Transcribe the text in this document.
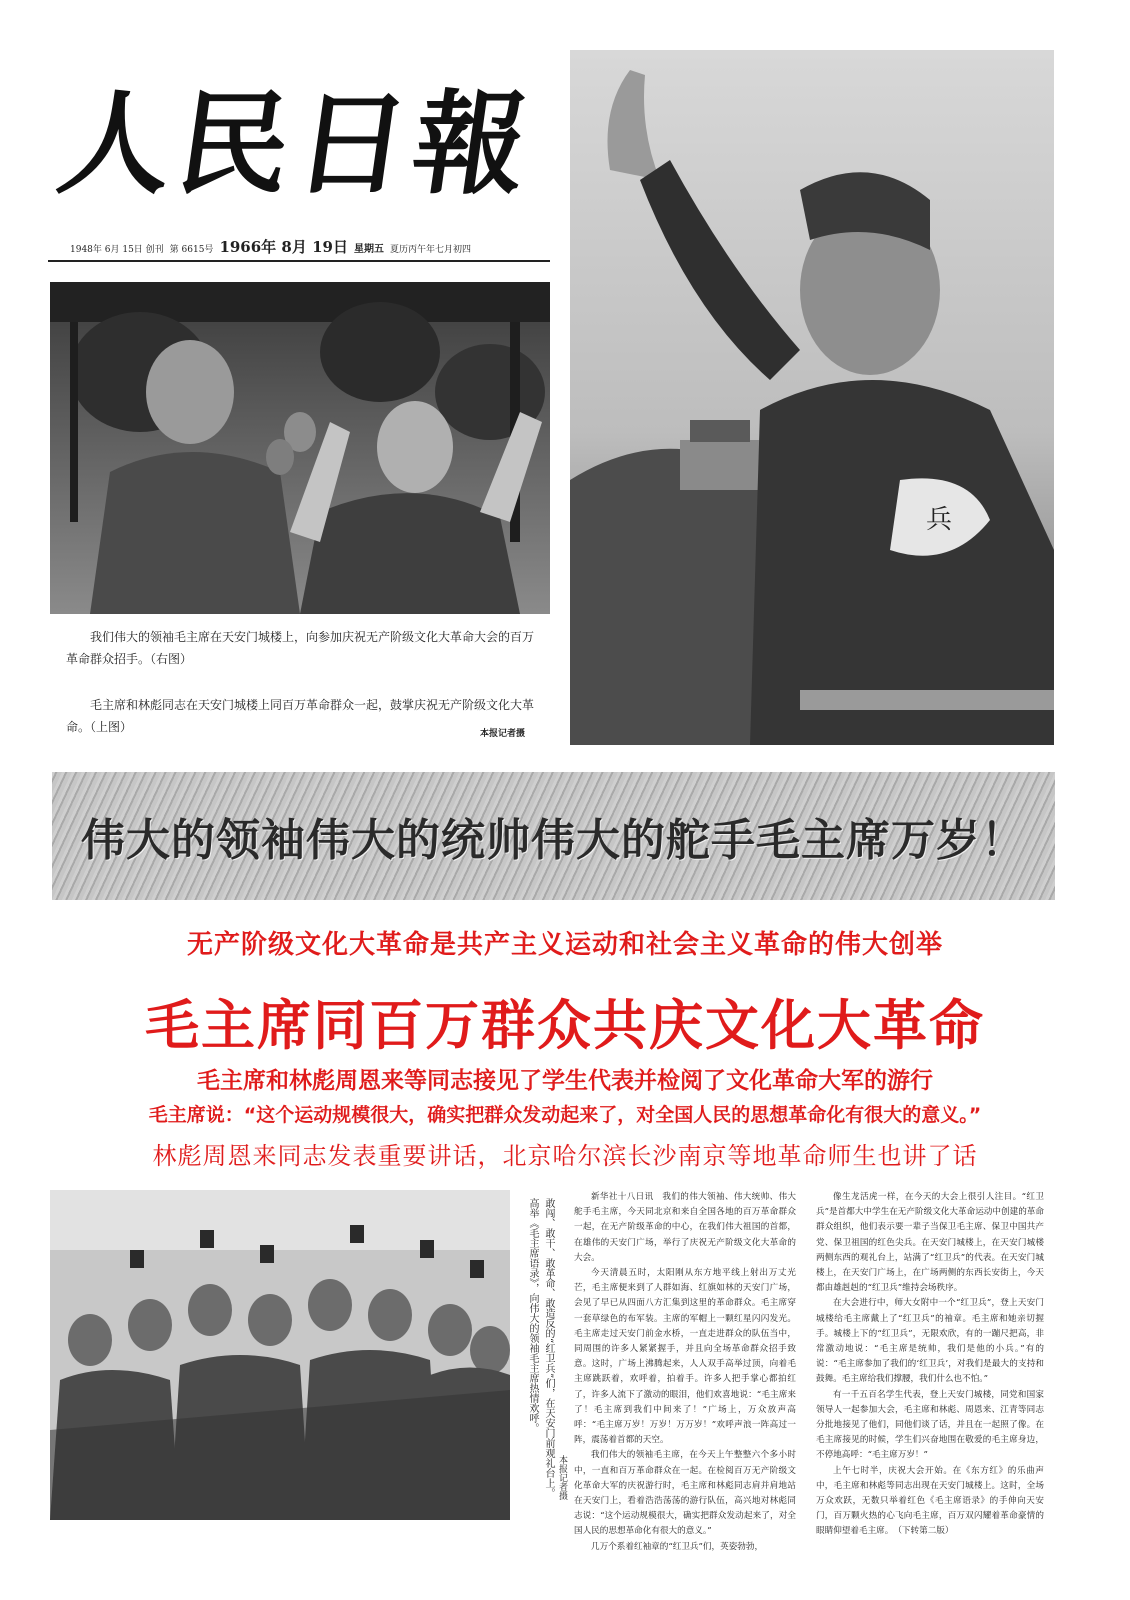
人民日報
1948年 6月 15日 创刊 第 6615号 1966年 8月 19日 星期五 夏历丙午年七月初四
我们伟大的领袖毛主席在天安门城楼上，向参加庆祝无产阶级文化大革命大会的百万革命群众招手。（右图）
毛主席和林彪同志在天安门城楼上同百万革命群众一起，鼓掌庆祝无产阶级文化大革命。（上图）	本报记者摄
兵
伟大的领袖伟大的统帅伟大的舵手毛主席万岁！
无产阶级文化大革命是共产主义运动和社会主义革命的伟大创举
毛主席同百万群众共庆文化大革命
毛主席和林彪周恩来等同志接见了学生代表并检阅了文化革命大军的游行
毛主席说：“这个运动规模很大，确实把群众发动起来了，对全国人民的思想革命化有很大的意义。”
林彪周恩来同志发表重要讲话，北京哈尔滨长沙南京等地革命师生也讲了话
高举《毛主席语录》，向伟大的领袖毛主席热情欢呼。 敢闯、敢干、敢革命、敢造反的“红卫兵”们，在天安门前观礼台上。 本报记者摄

新华社十八日讯　我们的伟大领袖、伟大统帅、伟大舵手毛主席，今天同北京和来自全国各地的百万革命群众一起，在无产阶级革命的中心，在我们伟大祖国的首都，在雄伟的天安门广场，举行了庆祝无产阶级文化大革命的大会。

今天清晨五时，太阳刚从东方地平线上射出万丈光芒，毛主席便来到了人群如海、红旗如林的天安门广场，会见了早已从四面八方汇集到这里的革命群众。毛主席穿一套草绿色的布军装。主席的军帽上一颗红星闪闪发光。毛主席走过天安门前金水桥，一直走进群众的队伍当中，同周围的许多人紧紧握手，并且向全场革命群众招手致意。这时，广场上沸腾起来，人人双手高举过顶，向着毛主席跳跃着，欢呼着，拍着手。许多人把手掌心都拍红了，许多人流下了激动的眼泪，他们欢喜地说：“毛主席来了！毛主席到我们中间来了！”广场上，万众放声高呼：“毛主席万岁！万岁！万万岁！”欢呼声浪一阵高过一阵，震荡着首都的天空。

我们伟大的领袖毛主席，在今天上午整整六个多小时中，一直和百万革命群众在一起。在检阅百万无产阶级文化革命大军的庆祝游行时，毛主席和林彪同志肩并肩地站在天安门上，看着浩浩荡荡的游行队伍，高兴地对林彪同志说：“这个运动规模很大，确实把群众发动起来了，对全国人民的思想革命化有很大的意义。”

几万个系着红袖章的“红卫兵”们，英姿勃勃，

像生龙活虎一样，在今天的大会上很引人注目。“红卫兵”是首都大中学生在无产阶级文化大革命运动中创建的革命群众组织，他们表示要一辈子当保卫毛主席、保卫中国共产党、保卫祖国的红色尖兵。在天安门城楼上，在天安门城楼两侧东西的观礼台上，站满了“红卫兵”的代表。在天安门城楼上，在天安门广场上，在广场两侧的东西长安街上，今天都由雄赳赳的“红卫兵”维持会场秩序。

在大会进行中，师大女附中一个“红卫兵”，登上天安门城楼给毛主席戴上了“红卫兵”的袖章。毛主席和她亲切握手。城楼上下的“红卫兵”，无限欢欣，有的一蹦尺把高，非常激动地说：“毛主席是统帅，我们是他的小兵。”有的说：“毛主席参加了我们的‘红卫兵’，对我们是最大的支持和鼓舞。毛主席给我们撑腰，我们什么也不怕。”

有一千五百名学生代表，登上天安门城楼，同党和国家领导人一起参加大会，毛主席和林彪、周恩来、江青等同志分批地接见了他们，同他们谈了话，并且在一起照了像。在毛主席接见的时候，学生们兴奋地围在敬爱的毛主席身边，不停地高呼：“毛主席万岁！”

上午七时半，庆祝大会开始。在《东方红》的乐曲声中，毛主席和林彪等同志出现在天安门城楼上。这时，全场万众欢跃，无数只举着红色《毛主席语录》的手伸向天安门，百万颗火热的心飞向毛主席，百万双闪耀着革命豪情的眼睛仰望着毛主席。　（下转第二版）
